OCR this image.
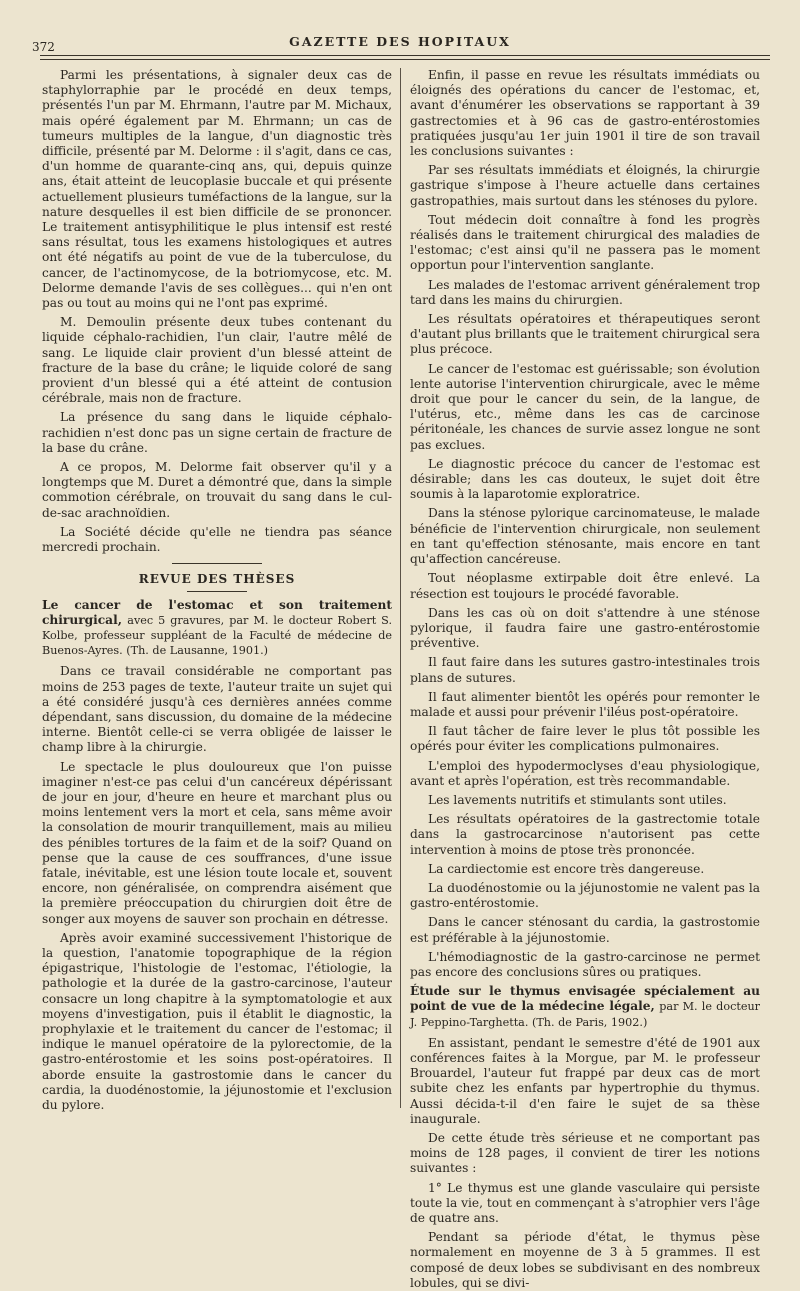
372	GAZETTE DES HOPITAUX

Parmi les présentations, à signaler deux cas de staphylorraphie par le procédé en deux temps, présentés l'un par M. Ehrmann, l'autre par M. Michaux, mais opéré également par M. Ehrmann; un cas de tumeurs multiples de la langue, d'un diagnostic très difficile, présenté par M. Delorme : il s'agit, dans ce cas, d'un homme de quarante-cinq ans, qui, depuis quinze ans, était atteint de leucoplasie buccale et qui présente actuellement plusieurs tuméfactions de la langue, sur la nature desquelles il est bien difficile de se prononcer. Le traitement antisyphilitique le plus intensif est resté sans résultat, tous les examens histologiques et autres ont été négatifs au point de vue de la tuberculose, du cancer, de l'actinomycose, de la botriomycose, etc. M. Delorme demande l'avis de ses collègues... qui n'en ont pas ou tout au moins qui ne l'ont pas exprimé.

M. Demoulin présente deux tubes contenant du liquide céphalo-rachidien, l'un clair, l'autre mêlé de sang. Le liquide clair provient d'un blessé atteint de fracture de la base du crâne; le liquide coloré de sang provient d'un blessé qui a été atteint de contusion cérébrale, mais non de fracture.

La présence du sang dans le liquide céphalo-rachidien n'est donc pas un signe certain de fracture de la base du crâne.

A ce propos, M. Delorme fait observer qu'il y a longtemps que M. Duret a démontré que, dans la simple commotion cérébrale, on trouvait du sang dans le cul-de-sac arachnoïdien.

La Société décide qu'elle ne tiendra pas séance mercredi prochain.

REVUE DES THÈSES

Le cancer de l'estomac et son traitement chirurgical, avec 5 gravures, par M. le docteur Robert S. Kolbe, professeur suppléant de la Faculté de médecine de Buenos-Ayres. (Th. de Lausanne, 1901.)

Dans ce travail considérable ne comportant pas moins de 253 pages de texte, l'auteur traite un sujet qui a été considéré jusqu'à ces dernières années comme dépendant, sans discussion, du domaine de la médecine interne. Bientôt celle-ci se verra obligée de laisser le champ libre à la chirurgie.

Le spectacle le plus douloureux que l'on puisse imaginer n'est-ce pas celui d'un cancéreux dépérissant de jour en jour, d'heure en heure et marchant plus ou moins lentement vers la mort et cela, sans même avoir la consolation de mourir tranquillement, mais au milieu des pénibles tortures de la faim et de la soif? Quand on pense que la cause de ces souffrances, d'une issue fatale, inévitable, est une lésion toute locale et, souvent encore, non généralisée, on comprendra aisément que la première préoccupation du chirurgien doit être de songer aux moyens de sauver son prochain en détresse.

Après avoir examiné successivement l'historique de la question, l'anatomie topographique de la région épigastrique, l'histologie de l'estomac, l'étiologie, la pathologie et la durée de la gastro-carcinose, l'auteur consacre un long chapitre à la symptomatologie et aux moyens d'investigation, puis il établit le diagnostic, la prophylaxie et le traitement du cancer de l'estomac; il indique le manuel opératoire de la pylorectomie, de la gastro-entérostomie et les soins post-opératoires. Il aborde ensuite la gastrostomie dans le cancer du cardia, la duodénostomie, la jéjunostomie et l'exclusion du pylore.

Enfin, il passe en revue les résultats immédiats ou éloignés des opérations du cancer de l'estomac, et, avant d'énumérer les observations se rapportant à 39 gastrectomies et à 96 cas de gastro-entérostomies pratiquées jusqu'au 1er juin 1901 il tire de son travail les conclusions suivantes :

Par ses résultats immédiats et éloignés, la chirurgie gastrique s'impose à l'heure actuelle dans certaines gastropathies, mais surtout dans les sténoses du pylore.

Tout médecin doit connaître à fond les progrès réalisés dans le traitement chirurgical des maladies de l'estomac; c'est ainsi qu'il ne passera pas le moment opportun pour l'intervention sanglante.

Les malades de l'estomac arrivent généralement trop tard dans les mains du chirurgien.

Les résultats opératoires et thérapeutiques seront d'autant plus brillants que le traitement chirurgical sera plus précoce.

Le cancer de l'estomac est guérissable; son évolution lente autorise l'intervention chirurgicale, avec le même droit que pour le cancer du sein, de la langue, de l'utérus, etc., même dans les cas de carcinose péritonéale, les chances de survie assez longue ne sont pas exclues.

Le diagnostic précoce du cancer de l'estomac est désirable; dans les cas douteux, le sujet doit être soumis à la laparotomie exploratrice.

Dans la sténose pylorique carcinomateuse, le malade bénéficie de l'intervention chirurgicale, non seulement en tant qu'effection sténosante, mais encore en tant qu'affection cancéreuse.

Tout néoplasme extirpable doit être enlevé. La résection est toujours le procédé favorable.

Dans les cas où on doit s'attendre à une sténose pylorique, il faudra faire une gastro-entérostomie préventive.

Il faut faire dans les sutures gastro-intestinales trois plans de sutures.

Il faut alimenter bientôt les opérés pour remonter le malade et aussi pour prévenir l'iléus post-opératoire.

Il faut tâcher de faire lever le plus tôt possible les opérés pour éviter les complications pulmonaires.

L'emploi des hypodermoclyses d'eau physiologique, avant et après l'opération, est très recommandable.

Les lavements nutritifs et stimulants sont utiles.

Les résultats opératoires de la gastrectomie totale dans la gastrocarcinose n'autorisent pas cette intervention à moins de ptose très prononcée.

La cardiectomie est encore très dangereuse.

La duodénostomie ou la jéjunostomie ne valent pas la gastro-entérostomie.

Dans le cancer sténosant du cardia, la gastrostomie est préférable à la jéjunostomie.

L'hémodiagnostic de la gastro-carcinose ne permet pas encore des conclusions sûres ou pratiques.

Étude sur le thymus envisagée spécialement au point de vue de la médecine légale, par M. le docteur J. Peppino-Targhetta. (Th. de Paris, 1902.)

En assistant, pendant le semestre d'été de 1901 aux conférences faites à la Morgue, par M. le professeur Brouardel, l'auteur fut frappé par deux cas de mort subite chez les enfants par hypertrophie du thymus. Aussi décida-t-il d'en faire le sujet de sa thèse inaugurale.

De cette étude très sérieuse et ne comportant pas moins de 128 pages, il convient de tirer les notions suivantes :

1° Le thymus est une glande vasculaire qui persiste toute la vie, tout en commençant à s'atrophier vers l'âge de quatre ans.

Pendant sa période d'état, le thymus pèse normalement en moyenne de 3 à 5 grammes. Il est composé de deux lobes se subdivisant en des nombreux lobules, qui se divi-
